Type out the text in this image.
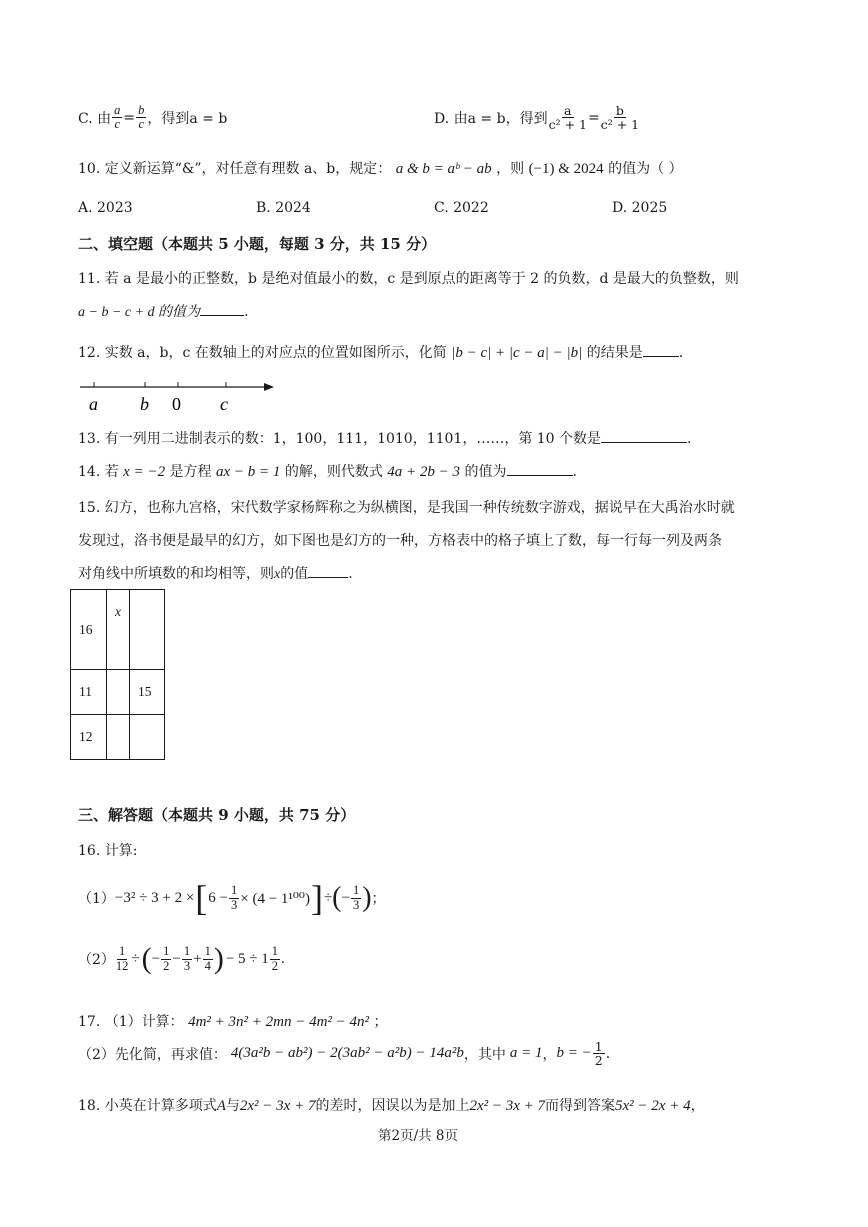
C. 由 $\frac{a}{c} = \frac{b}{c}$ ，得到a = b	D. 由a = b，得到 $\frac{a}{\text{c² + 1}} = \frac{b}{\text{c² + 1}}$
10. 定义新运算“&”，对任意有理数 a、b，规定： a & b = aᵇ − ab ，则 (−1) & 2024 的值为（ ）
A. 2023	B. 2024	C. 2022	D. 2025
二、填空题（本题共 5 小题，每题 3 分，共 15 分）
11. 若 a 是最小的正整数，b 是绝对值最小的数，c 是到原点的距离等于 2 的负数，d 是最大的负整数，则
a − b − c + d 的值为	.
12. 实数 a，b，c 在数轴上的对应点的位置如图所示，化简 |b − c| + |c − a| − |b| 的结果是	.
a b 0 c
13. 有一列用二进制表示的数：1，100，111，1010，1101，……，第 10 个数是	.
14. 若 x = −2 是方程 ax − b = 1 的解，则代数式 4a + 2b − 3 的值为	.
15. 幻方，也称九宫格，宋代数学家杨辉称之为纵横图，是我国一种传统数字游戏，据说早在大禹治水时就
发现过，洛书便是最早的幻方，如下图也是幻方的一种，方格表中的格子填上了数，每一行每一列及两条
对角线中所填数的和均相等，则x的值	.
16	x	
11		15
12		
三、解答题（本题共 9 小题，共 75 分）
16. 计算:
（1） −3² ÷ 3 + 2 × [ $6 - \frac{1}{3} \times (4 - 1^{100})$ ] ÷ ( − $\frac{1}{3}$ ) ；
$(2) \frac{1}{12}$ ÷ ( − $\frac{1}{2} - \frac{1}{3} + \frac{1}{4}$ ) − $5 \div 1 \frac{1}{2}$ .
17. （1）计算： 4m² + 3n² + 2mn − 4m² − 4n² ；
（2）先化简，再求值： 4(3a²b − ab²) − 2(3ab² − a²b) − 14a²b ，其中 a = 1 ， b = − $\frac{1}{2}$ .
18. 小英在计算多项式A与2x² − 3x + 7的差时，因误以为是加上2x² − 3x + 7而得到答案5x² − 2x + 4，
第2页/共 8页
